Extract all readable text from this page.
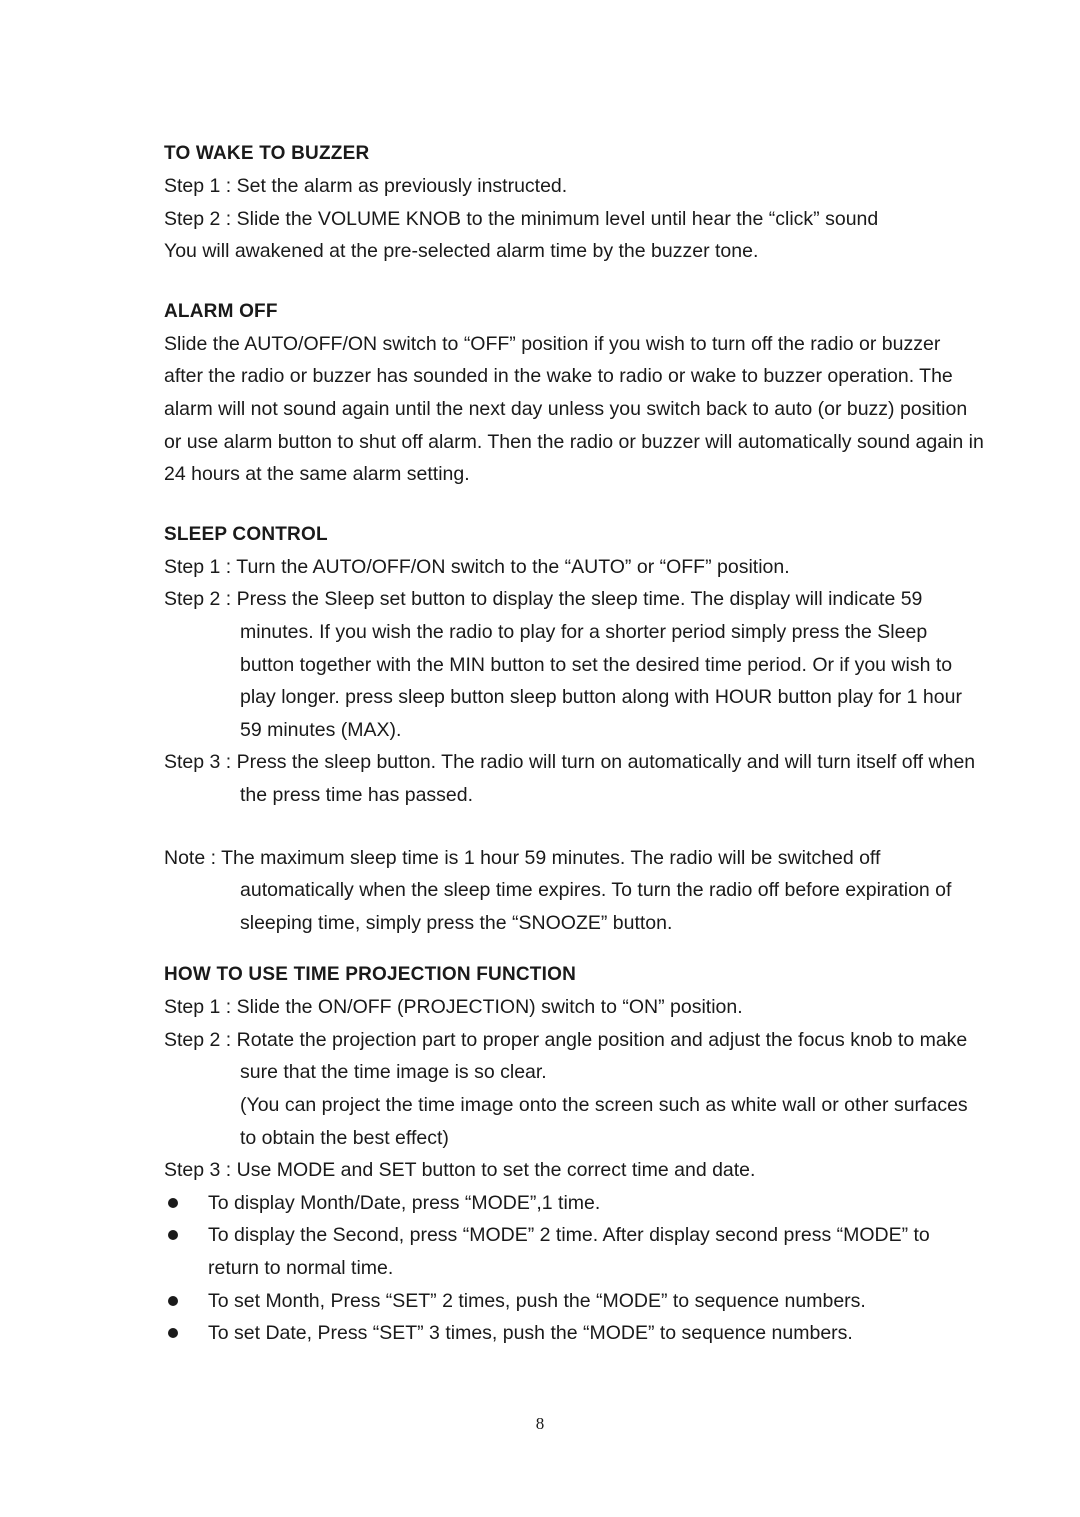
TO WAKE TO BUZZER

Step 1 : Set the alarm as previously instructed.

Step 2 : Slide the VOLUME KNOB to the minimum level until hear the “click” sound

You will awakened at the pre-selected alarm time by the buzzer tone.

ALARM OFF

Slide the AUTO/OFF/ON switch to “OFF” position if you wish to turn off the radio or buzzer after the radio or buzzer has sounded in the wake to radio or wake to buzzer operation. The alarm will not sound again until the next day unless you switch back to auto (or buzz) position or use alarm button to shut off alarm. Then the radio or buzzer will automatically sound again in 24 hours at the same alarm setting.

SLEEP CONTROL

Step 1 : Turn the AUTO/OFF/ON switch to the “AUTO” or “OFF” position.

Step 2 : Press the Sleep set button to display the sleep time. The display will indicate 59 minutes. If you wish the radio to play for a shorter period simply press the Sleep button together with the MIN button to set the desired time period. Or if you wish to play longer. press sleep button sleep button along with HOUR button play for 1 hour 59 minutes (MAX).

Step 3 : Press the sleep button. The radio will turn on automatically and will turn itself off when the press time has passed.

Note : The maximum sleep time is 1 hour 59 minutes. The radio will be switched off automatically when the sleep time expires. To turn the radio off before expiration of sleeping time, simply press the “SNOOZE” button.

HOW TO USE TIME PROJECTION FUNCTION

Step 1 : Slide the ON/OFF (PROJECTION) switch to “ON” position.

Step 2 : Rotate the projection part to proper angle position and adjust the focus knob to make sure that the time image is so clear.

(You can project the time image onto the screen such as white wall or other surfaces to obtain the best effect)

Step 3 : Use MODE and SET button to set the correct time and date.

To display Month/Date, press “MODE”,1 time.

To display the Second, press “MODE” 2 time. After display second press “MODE” to return to normal time.

To set Month, Press “SET” 2 times, push the “MODE” to sequence numbers.

To set Date, Press “SET” 3 times, push the “MODE” to sequence numbers.

8
